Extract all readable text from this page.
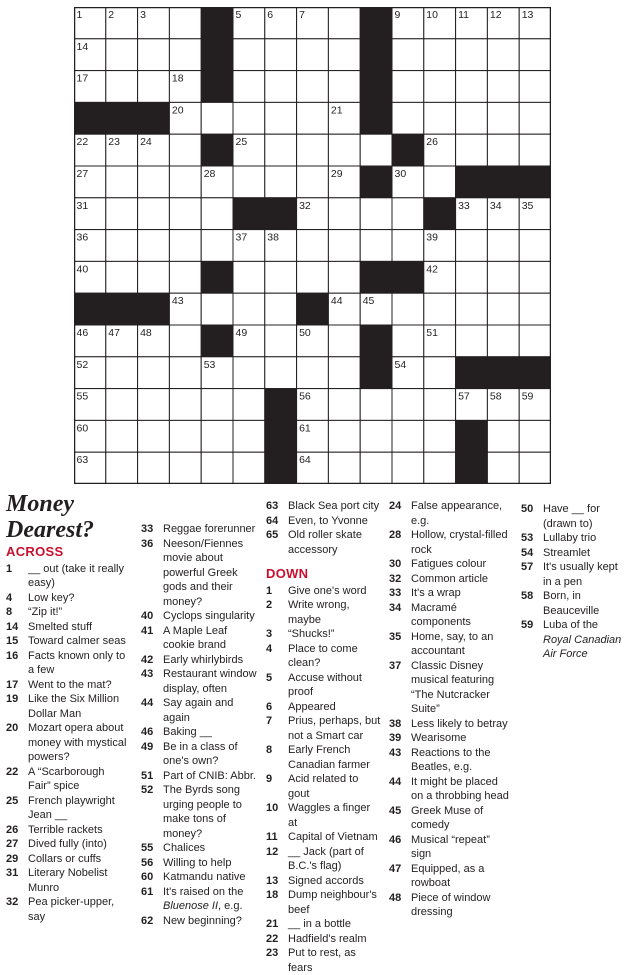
1 2 3	4 5 6 7	8 9 10 11 12 13
14	15	16
17	18	19
20	21
22 23 24	25	26
27	28	29	30
31	32	33 34 35
36	37 38	39
40	41	42
43	44 45
46 47 48	49	50	51
52	53	54
55	56	57 58 59
60	61	62
63	64	65
Money Dearest?
ACROSS
1	__ out (take it really easy)
4	Low key?
8	“Zip it!”
14 Smelted stuff
15 Toward calmer seas
16 Facts known only to a few
17 Went to the mat?
19 Like the Six Million Dollar Man
20 Mozart opera about money with mystical powers?
22 A “Scarborough Fair” spice
25 French playwright Jean __
26 Terrible rackets
27 Dived fully (into)
29 Collars or cuffs
31 Literary Nobelist Munro
32 Pea picker-upper, say
33 Reggae forerunner
36 Neeson/Fiennes movie about powerful Greek gods and their money?
40 Cyclops singularity
41 A Maple Leaf cookie brand
42 Early whirlybirds
43 Restaurant window display, often
44 Say again and again
46 Baking __
49 Be in a class of one's own?
51 Part of CNIB: Abbr.
52 The Byrds song urging people to make tons of money?
55 Chalices
56 Willing to help
60 Katmandu native
61 It's raised on the Bluenose II, e.g.
62 New beginning?
63 Black Sea port city
64 Even, to Yvonne
65 Old roller skate accessory
DOWN
1	Give one's word
2	Write wrong, maybe
3	“Shucks!”
4	Place to come clean?
5	Accuse without proof
6	Appeared
7	Prius, perhaps, but not a Smart car
8	Early French Canadian farmer
9	Acid related to gout
10 Waggles a finger at
11 Capital of Vietnam
12 __ Jack (part of B.C.'s flag)
13 Signed accords
18 Dump neighbour's beef
21 __ in a bottle
22 Hadfield's realm
23 Put to rest, as fears
24 False appearance, e.g.
28 Hollow, crystal-filled rock
30 Fatigues colour
32 Common article
33 It's a wrap
34 Macramé components
35 Home, say, to an accountant
37 Classic Disney musical featuring “The Nutcracker Suite”
38 Less likely to betray
39 Wearisome
43 Reactions to the Beatles, e.g.
44 It might be placed on a throbbing head
45 Greek Muse of comedy
46 Musical “repeat” sign
47 Equipped, as a rowboat
48 Piece of window dressing
50 Have __ for (drawn to)
53 Lullaby trio
54 Streamlet
57 It's usually kept in a pen
58 Born, in Beauceville
59 Luba of the Royal Canadian Air Force
